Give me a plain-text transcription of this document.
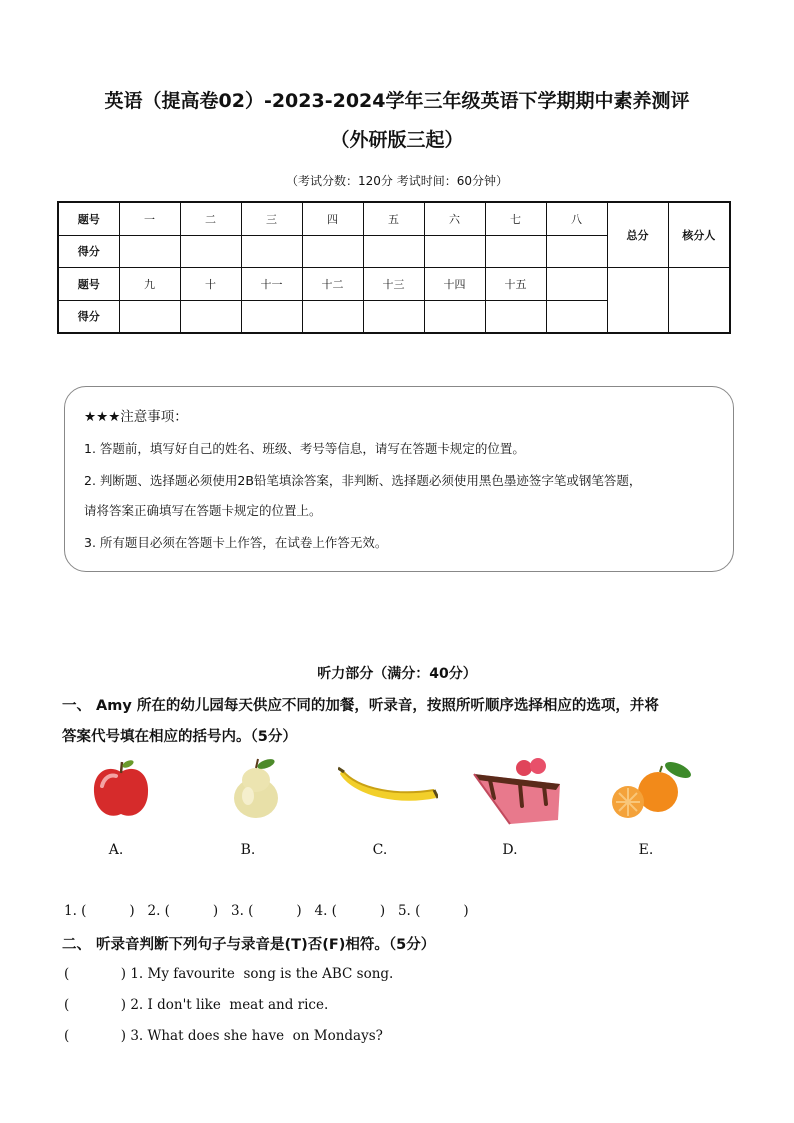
英语（提高卷02）-2023-2024学年三年级英语下学期期中素养测评
（外研版三起）
（考试分数：120分 考试时间：60分钟）
题号	一	二	三	四	五	六	七	八	总分	核分人
得分										
题号	九	十	十一	十二	十三	十四	十五			
得分										
★★★注意事项：
1. 答题前，填写好自己的姓名、班级、考号等信息，请写在答题卡规定的位置。
2. 判断题、选择题必须使用2B铅笔填涂答案，非判断、选择题必须使用黑色墨迹签字笔或钢笔答题，
请将答案正确填写在答题卡规定的位置上。
3. 所有题目必须在答题卡上作答，在试卷上作答无效。
听力部分（满分：40分）
一、 Amy 所在的幼儿园每天供应不同的加餐，听录音，按照所听顺序选择相应的选项，并将
答案代号填在相应的括号内。（5分）
A.	B.	C.	D.	E.
1. (          )   2. (          )   3. (          )   4. (          )   5. (          )
二、 听录音判断下列句子与录音是(T)否(F)相符。（5分）
(            ) 1. My favourite  song is the ABC song.
(            ) 2. I don't like  meat and rice.
(            ) 3. What does she have  on Mondays?
